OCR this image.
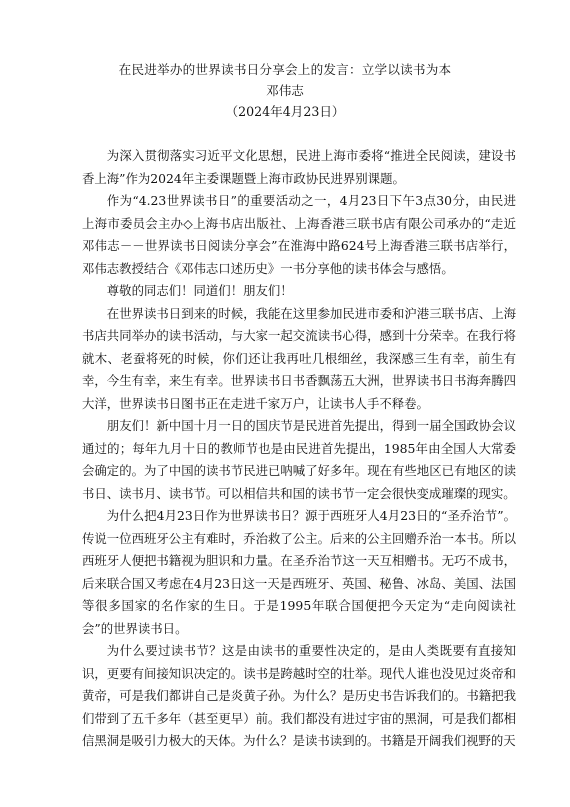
在民进举办的世界读书日分享会上的发言：立学以读书为本
邓伟志
（2024年4月23日）

为深入贯彻落实习近平文化思想，民进上海市委将“推进全民阅读，建设书香上海”作为2024年主委课题暨上海市政协民进界别课题。

作为“4.23世界读书日”的重要活动之一，4月23日下午3点30分，由民进上海市委员会主办◇上海书店出版社、上海香港三联书店有限公司承办的“走近邓伟志－－世界读书日阅读分享会”在淮海中路624号上海香港三联书店举行，邓伟志教授结合《邓伟志口述历史》一书分享他的读书体会与感悟。

尊敬的同志们！同道们！朋友们！

在世界读书日到来的时候，我能在这里参加民进市委和沪港三联书店、上海书店共同举办的读书活动，与大家一起交流读书心得，感到十分荣幸。在我行将就木、老蚕将死的时候，你们还让我再吐几根细丝，我深感三生有幸，前生有幸，今生有幸，来生有幸。世界读书日书香飘荡五大洲，世界读书日书海奔腾四大洋，世界读书日图书正在走进千家万户，让读书人手不释卷。

朋友们！新中国十月一日的国庆节是民进首先提出，得到一届全国政协会议通过的；每年九月十日的教师节也是由民进首先提出，1985年由全国人大常委会确定的。为了中国的读书节民进已呐喊了好多年。现在有些地区已有地区的读书日、读书月、读书节。可以相信共和国的读书节一定会很快变成璀璨的现实。

为什么把4月23日作为世界读书日？源于西班牙人4月23日的“圣乔治节”。传说一位西班牙公主有难时，乔治救了公主。后来的公主回赠乔治一本书。所以西班牙人便把书籍视为胆识和力量。在圣乔治节这一天互相赠书。无巧不成书，后来联合国又考虑在4月23日这一天是西班牙、英国、秘鲁、冰岛、美国、法国等很多国家的名作家的生日。于是1995年联合国便把今天定为“走向阅读社会”的世界读书日。

为什么要过读书节？这是由读书的重要性决定的，是由人类既要有直接知识，更要有间接知识决定的。读书是跨越时空的壮举。现代人谁也没见过炎帝和黄帝，可是我们都讲自己是炎黄子孙。为什么？是历史书告诉我们的。书籍把我们带到了五千多年（甚至更早）前。我们都没有进过宇宙的黑洞，可是我们都相信黑洞是吸引力极大的天体。为什么？是读书读到的。书籍是开阔我们视野的天
